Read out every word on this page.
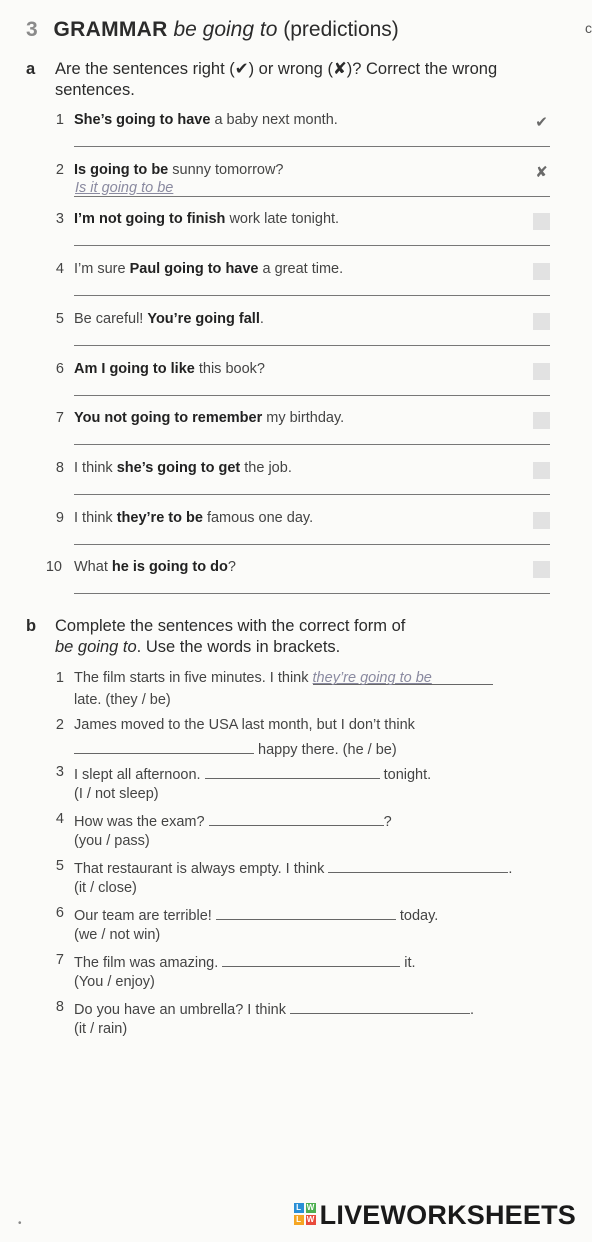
3 GRAMMAR be going to (predictions)	c
a Are the sentences right (✔) or wrong (✘)? Correct the wrong
sentences.
1 She’s going to have a baby next month.	✔
2 Is going to be sunny tomorrow?
Is it going to be
✘
3 I’m not going to finish work late tonight.
4 I’m sure Paul going to have a great time.
5 Be careful! You’re going fall.
6 Am I going to like this book?
7 You not going to remember my birthday.
8 I think she’s going to get the job.
9 I think they’re to be famous one day.
10 What he is going to do?
b Complete the sentences with the correct form of
be going to. Use the words in brackets.
1 The film starts in five minutes. I think they’re going to be
late. (they / be)
2 James moved to the USA last month, but I don’t think
happy there. (he / be)
3 I slept all afternoon.	tonight.
(I / not sleep)
4 How was the exam?	?
(you / pass)
5 That restaurant is always empty. I think	.
(it / close)
6 Our team are terrible!	today.
(we / not win)
7 The film was amazing.	it.
(You / enjoy)
8 Do you have an umbrella? I think	.
(it / rain)
•
L W
L W LIVEWORKSHEETS
